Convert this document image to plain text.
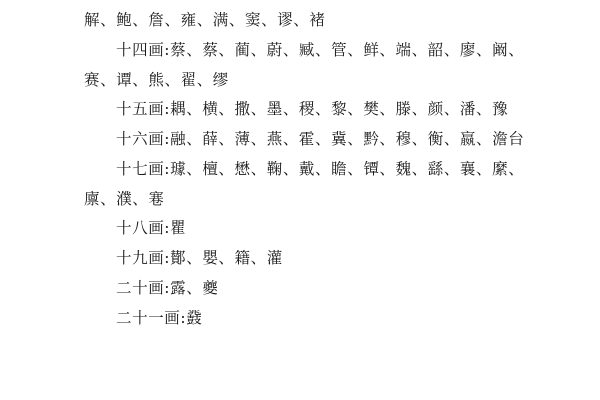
解、鲍、詹、雍、满、窦、谬、褚

十四画:蔡、蔡、蔺、蔚、臧、管、鲜、端、韶、廖、阚、赛、谭、熊、翟、缪

十五画:耦、横、撒、墨、稷、黎、樊、滕、颜、潘、豫

十六画:融、薛、薄、燕、霍、冀、黔、穆、衡、嬴、澹台

十七画:璩、檀、懋、鞠、戴、瞻、镡、魏、繇、襄、縻、廪、濮、寋

十八画:瞿

十九画:鄼、嬰、籍、灌

二十画:露、夔

二十一画:鼗
